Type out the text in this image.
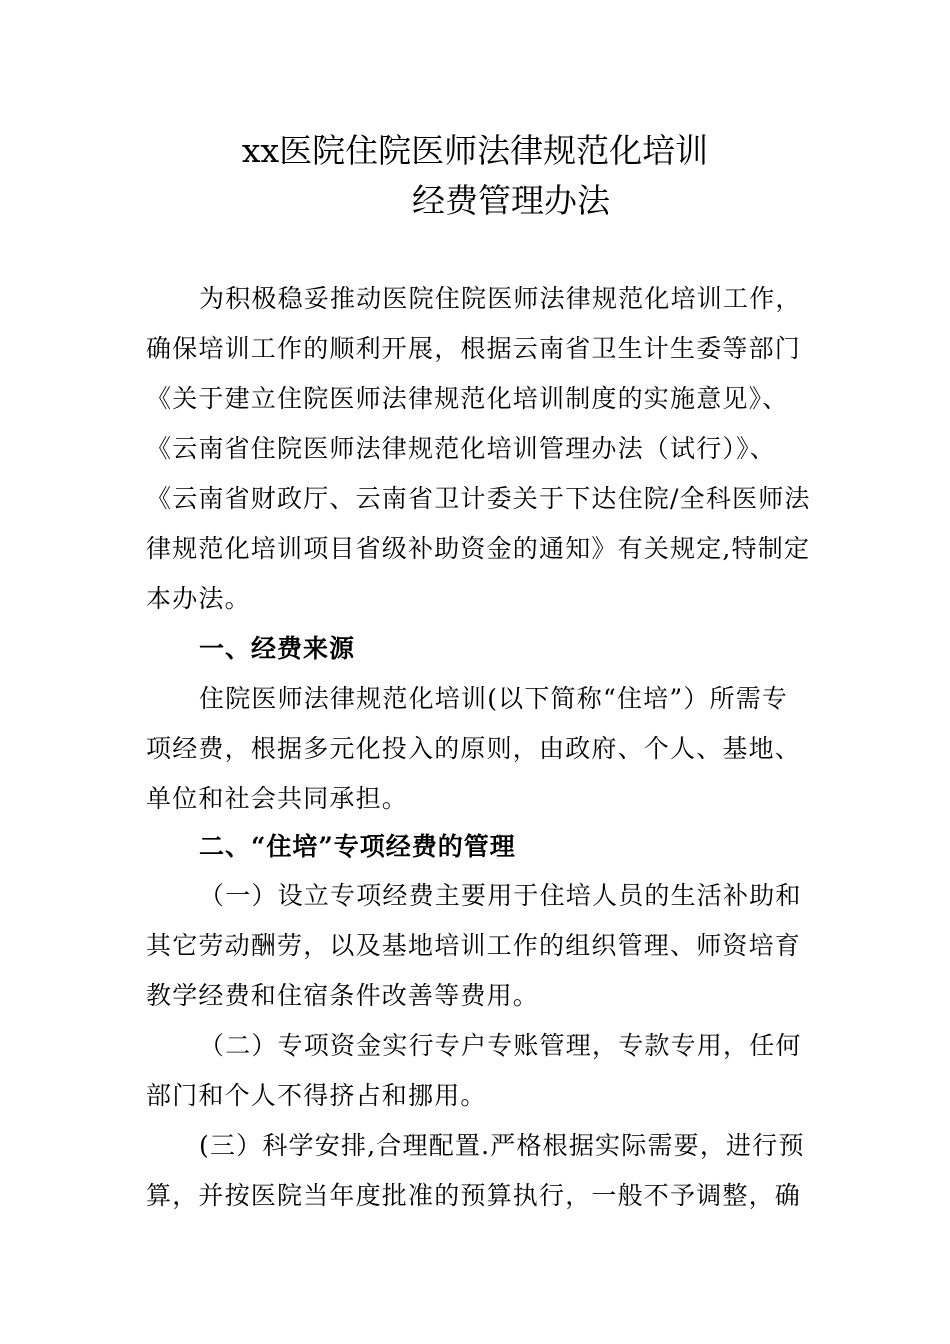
xx医院住院医师法律规范化培训
经费管理办法
为积极稳妥推动医院住院医师法律规范化培训工作，
确保培训工作的顺利开展，根据云南省卫生计生委等部门
《关于建立住院医师法律规范化培训制度的实施意见》、
《云南省住院医师法律规范化培训管理办法（试行）》、
《云南省财政厅、云南省卫计委关于下达住院/全科医师法
律规范化培训项目省级补助资金的通知》有关规定,特制定
本办法。
一、经费来源
住院医师法律规范化培训(以下简称“住培”）所需专
项经费，根据多元化投入的原则，由政府、个人、基地、
单位和社会共同承担。
二、“住培”专项经费的管理
（一）设立专项经费主要用于住培人员的生活补助和
其它劳动酬劳，以及基地培训工作的组织管理、师资培育
教学经费和住宿条件改善等费用。
（二）专项资金实行专户专账管理，专款专用，任何
部门和个人不得挤占和挪用。
(三）科学安排,合理配置.严格根据实际需要，进行预
算，并按医院当年度批准的预算执行，一般不予调整，确
